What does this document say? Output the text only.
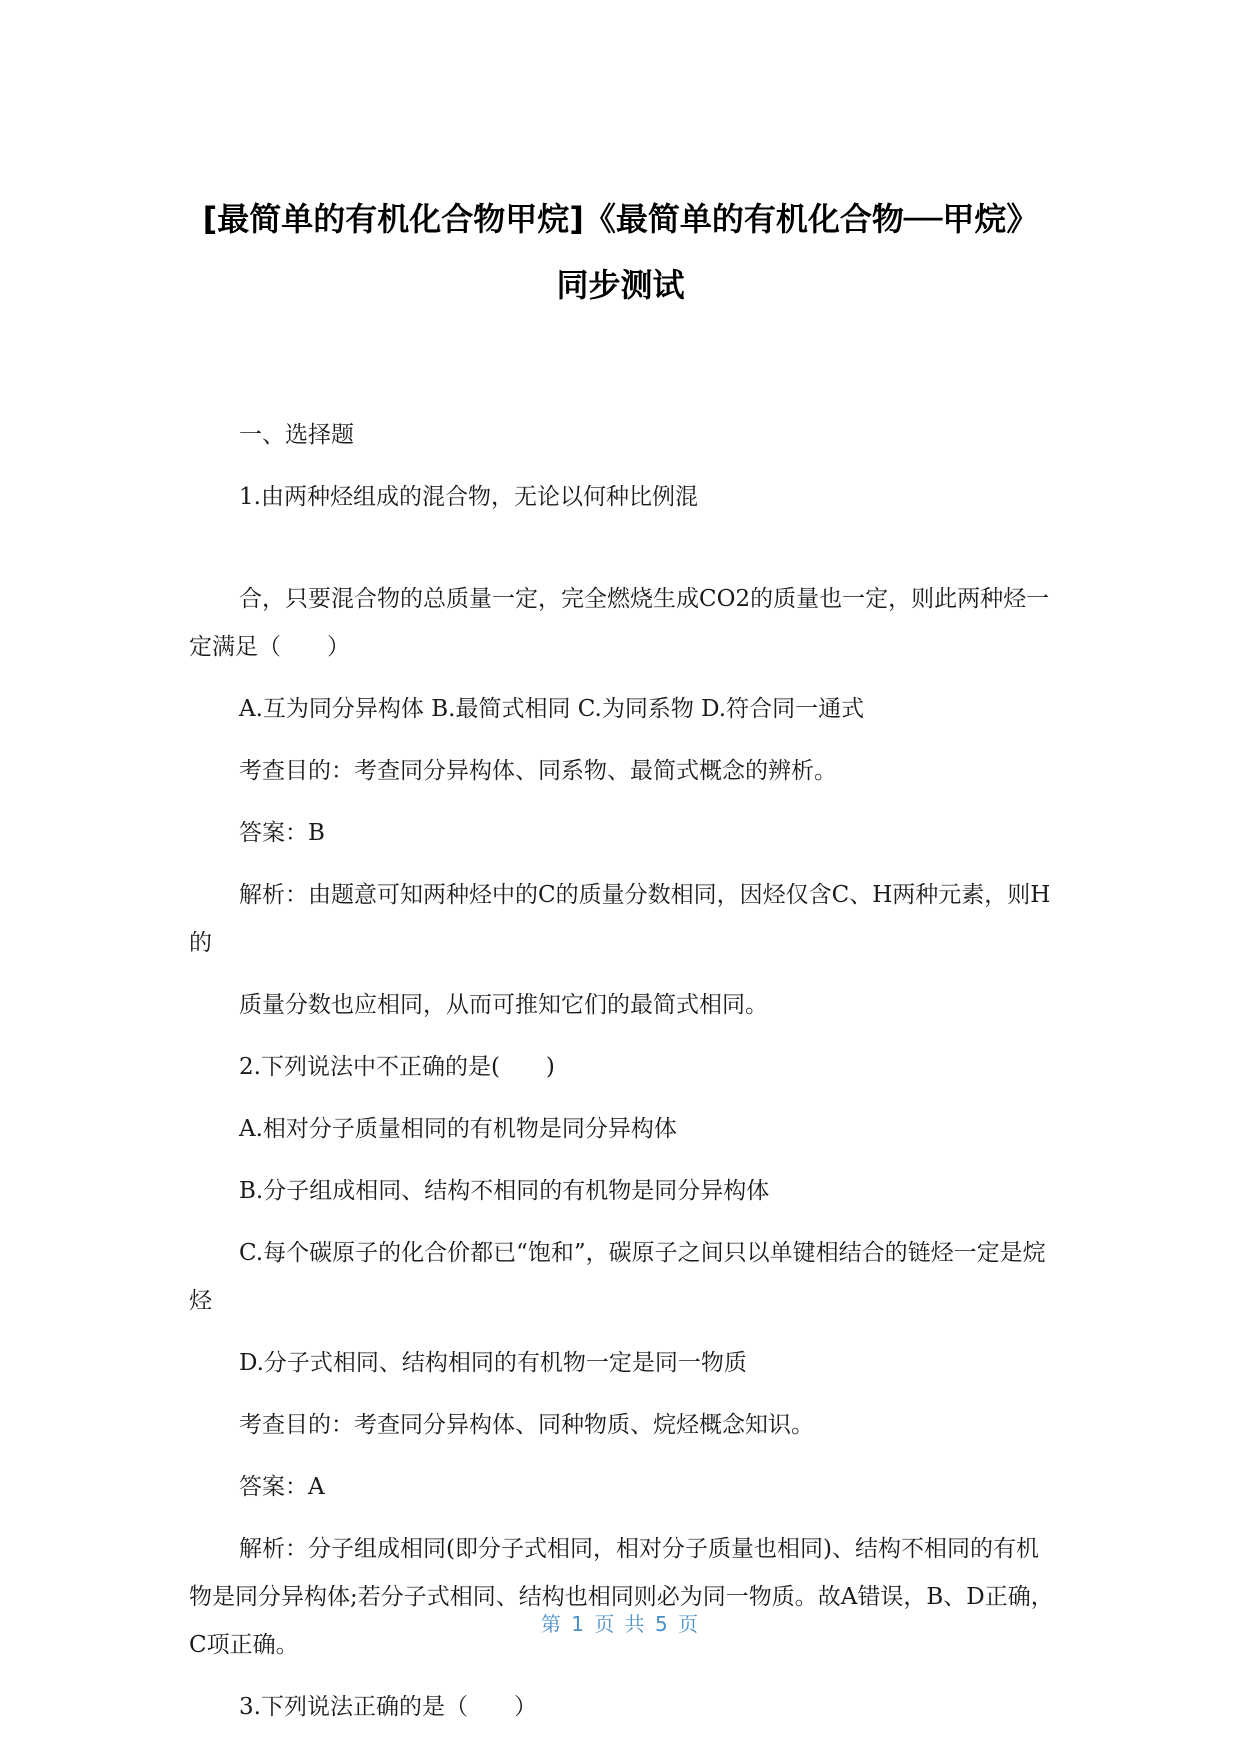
[最简单的有机化合物甲烷]《最简单的有机化合物──甲烷》同步测试

一、选择题

1.由两种烃组成的混合物，无论以何种比例混

合，只要混合物的总质量一定，完全燃烧生成CO2的质量也一定，则此两种烃一定满足（　　）

A.互为同分异构体 B.最简式相同 C.为同系物 D.符合同一通式

考查目的：考查同分异构体、同系物、最简式概念的辨析。

答案：B

解析：由题意可知两种烃中的C的质量分数相同，因烃仅含C、H两种元素，则H的

质量分数也应相同，从而可推知它们的最简式相同。

2.下列说法中不正确的是(　　)

A.相对分子质量相同的有机物是同分异构体

B.分子组成相同、结构不相同的有机物是同分异构体

C.每个碳原子的化合价都已“饱和”，碳原子之间只以单键相结合的链烃一定是烷烃

D.分子式相同、结构相同的有机物一定是同一物质

考查目的：考查同分异构体、同种物质、烷烃概念知识。

答案：A

解析：分子组成相同(即分子式相同，相对分子质量也相同)、结构不相同的有机物是同分异构体;若分子式相同、结构也相同则必为同一物质。故A错误，B、D正确，C项正确。

3.下列说法正确的是（　　）

第 1 页 共 5 页
